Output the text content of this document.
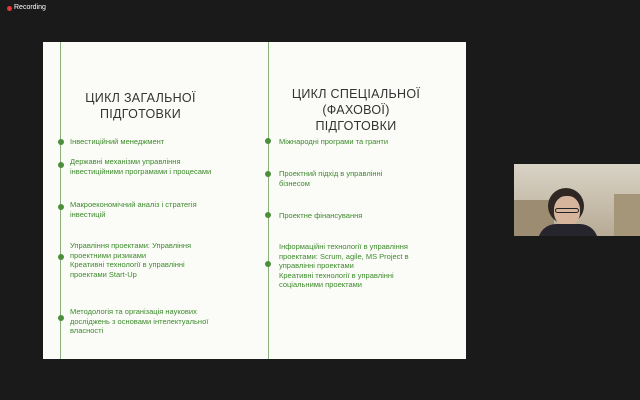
Recording
ЦИКЛ ЗАГАЛЬНОЇ
ПІДГОТОВКИ
Інвестиційний менеджмент
Державні механізми управління
інвестиційними програмами і процесами
Макроекономічний аналіз і стратегія
інвестицій
Управління проектами: Управління
проектними ризиками
Креативні технології в управлінні
проектами Start-Up
Методологія та організація наукових
досліджень з основами інтелектуальної
власності
ЦИКЛ СПЕЦІАЛЬНОЇ
(ФАХОВОЇ) ПІДГОТОВКИ
Міжнародні програми та гранти
Проектний підхід в управлінні
бізнесом
Проектне фінансування
Інформаційні технології в управління
проектами: Scrum, agile, MS Project в
управлінні проектами
Креативні технології в управлінні
соціальними проектами
